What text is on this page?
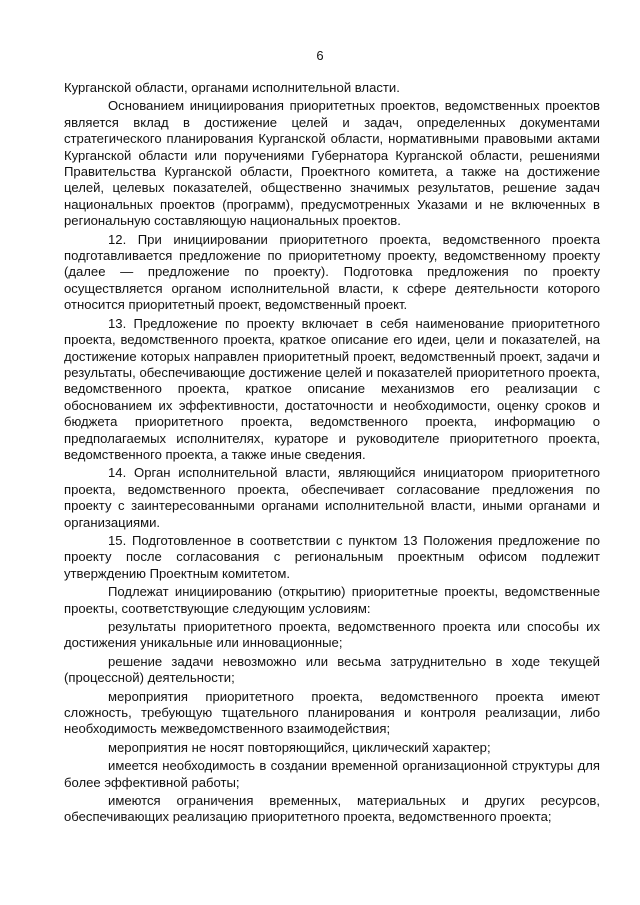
6

Курганской области, органами исполнительной власти.

Основанием инициирования приоритетных проектов, ведомственных проектов является вклад в достижение целей и задач, определенных документами стратегического планирования Курганской области, нормативными правовыми актами Курганской области или поручениями Губернатора Курганской области, решениями Правительства Курганской области, Проектного комитета, а также на достижение целей, целевых показателей, общественно значимых результатов, решение задач национальных проектов (программ), предусмотренных Указами и не включенных в региональную составляющую национальных проектов.

12. При инициировании приоритетного проекта, ведомственного проекта подготавливается предложение по приоритетному проекту, ведомственному проекту (далее — предложение по проекту). Подготовка предложения по проекту осуществляется органом исполнительной власти, к сфере деятельности которого относится приоритетный проект, ведомственный проект.

13. Предложение по проекту включает в себя наименование приоритетного проекта, ведомственного проекта, краткое описание его идеи, цели и показателей, на достижение которых направлен приоритетный проект, ведомственный проект, задачи и результаты, обеспечивающие достижение целей и показателей приоритетного проекта, ведомственного проекта, краткое описание механизмов его реализации с обоснованием их эффективности, достаточности и необходимости, оценку сроков и бюджета приоритетного проекта, ведомственного проекта, информацию о предполагаемых исполнителях, кураторе и руководителе приоритетного проекта, ведомственного проекта, а также иные сведения.

14. Орган исполнительной власти, являющийся инициатором приоритетного проекта, ведомственного проекта, обеспечивает согласование предложения по проекту с заинтересованными органами исполнительной власти, иными органами и организациями.

15. Подготовленное в соответствии с пунктом 13 Положения предложение по проекту после согласования с региональным проектным офисом подлежит утверждению Проектным комитетом.

Подлежат инициированию (открытию) приоритетные проекты, ведомственные проекты, соответствующие следующим условиям:

результаты приоритетного проекта, ведомственного проекта или способы их достижения уникальные или инновационные;

решение задачи невозможно или весьма затруднительно в ходе текущей (процессной) деятельности;

мероприятия приоритетного проекта, ведомственного проекта имеют сложность, требующую тщательного планирования и контроля реализации, либо необходимость межведомственного взаимодействия;

мероприятия не носят повторяющийся, циклический характер;

имеется необходимость в создании временной организационной структуры для более эффективной работы;

имеются ограничения временных, материальных и других ресурсов, обеспечивающих реализацию приоритетного проекта, ведомственного проекта;
